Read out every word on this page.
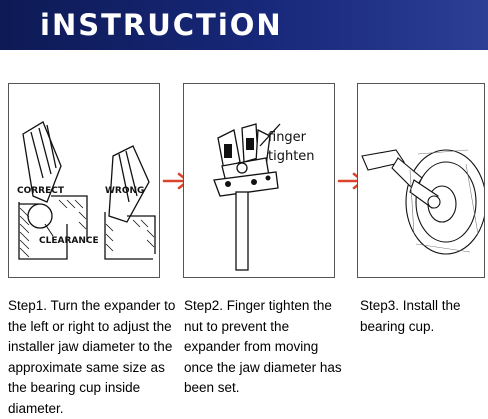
iNSTRUCTiON
CORRECT	WRONG
CLEARANCE
finger
tighten
Step1. Turn the expander to the left or right to adjust the installer jaw diameter to the approximate same size as the bearing cup inside diameter.
Step2. Finger tighten the nut to prevent the expander from moving once the jaw diameter has been set.
Step3. Install the bearing cup.
